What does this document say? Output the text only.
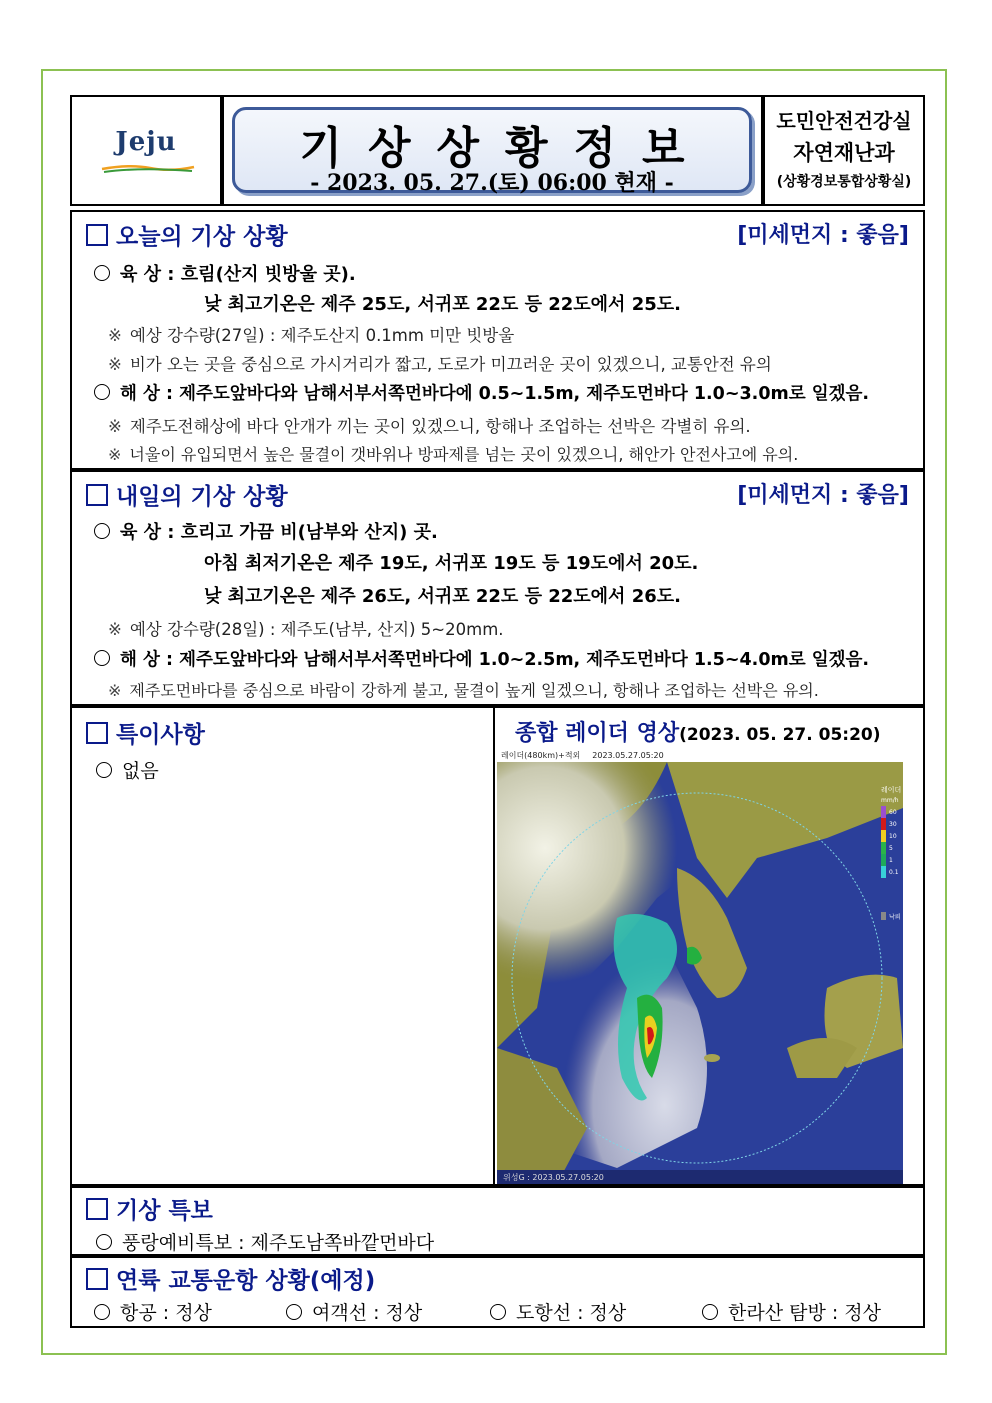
Jeju	기상상황정보
- 2023. 05. 27.(토) 06:00 현재 -
도민안전건강실
자연재난과
(상황경보통합상황실)
오늘의 기상 상황	[미세먼지 : 좋음]
육 상 : 흐림(산지 빗방울 곳).
낮 최고기온은 제주 25도, 서귀포 22도 등 22도에서 25도.
※ 예상 강수량(27일) : 제주도산지 0.1mm 미만 빗방울
※ 비가 오는 곳을 중심으로 가시거리가 짧고, 도로가 미끄러운 곳이 있겠으니, 교통안전 유의
해 상 : 제주도앞바다와 남해서부서쪽먼바다에 0.5~1.5m, 제주도먼바다 1.0~3.0m로 일겠음.
※ 제주도전해상에 바다 안개가 끼는 곳이 있겠으니, 항해나 조업하는 선박은 각별히 유의.
※ 너울이 유입되면서 높은 물결이 갯바위나 방파제를 넘는 곳이 있겠으니, 해안가 안전사고에 유의.
내일의 기상 상황	[미세먼지 : 좋음]
육 상 : 흐리고 가끔 비(남부와 산지) 곳.
아침 최저기온은 제주 19도, 서귀포 19도 등 19도에서 20도.
낮 최고기온은 제주 26도, 서귀포 22도 등 22도에서 26도.
※ 예상 강수량(28일) : 제주도(남부, 산지) 5~20mm.
해 상 : 제주도앞바다와 남해서부서쪽먼바다에 1.0~2.5m, 제주도먼바다 1.5~4.0m로 일겠음.
※ 제주도먼바다를 중심으로 바람이 강하게 불고, 물결이 높게 일겠으니, 항해나 조업하는 선박은 유의.
특이사항
없음
종합 레이더 영상(2023. 05. 27. 05:20)
레이더(480km)+적외 2023.05.27.05:20
위성G : 2023.05.27.05:20
레이더
mm/h
60
30
10
5
1
0.1
낙뢰
기상 특보
풍랑예비특보 : 제주도남쪽바깥먼바다
연륙 교통운항 상황(예정)
항공 : 정상	여객선 : 정상	도항선 : 정상	한라산 탐방 : 정상
